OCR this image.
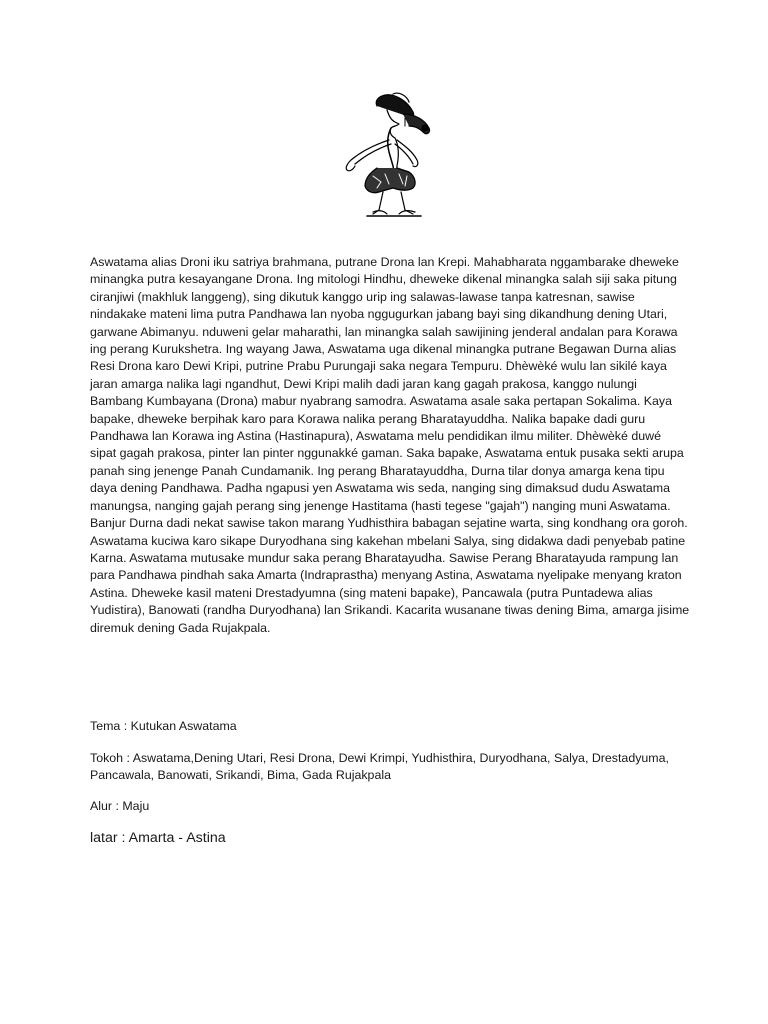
Aswatama alias Droni iku satriya brahmana, putrane Drona lan Krepi. Mahabharata nggambarake dheweke minangka putra kesayangane Drona. Ing mitologi Hindhu, dheweke dikenal minangka salah siji saka pitung ciranjiwi (makhluk langgeng), sing dikutuk kanggo urip ing salawas-lawase tanpa katresnan, sawise nindakake mateni lima putra Pandhawa lan nyoba nggugurkan jabang bayi sing dikandhung dening Utari, garwane Abimanyu. nduweni gelar maharathi, lan minangka salah sawijining jenderal andalan para Korawa ing perang Kurukshetra. Ing wayang Jawa, Aswatama uga dikenal minangka putrane Begawan Durna alias Resi Drona karo Dewi Kripi, putrine Prabu Purungaji saka negara Tempuru. Dhèwèké wulu lan sikilé kaya jaran amarga nalika lagi ngandhut, Dewi Kripi malih dadi jaran kang gagah prakosa, kanggo nulungi Bambang Kumbayana (Drona) mabur nyabrang samodra. Aswatama asale saka pertapan Sokalima. Kaya bapake, dheweke berpihak karo para Korawa nalika perang Bharatayuddha. Nalika bapake dadi guru Pandhawa lan Korawa ing Astina (Hastinapura), Aswatama melu pendidikan ilmu militer. Dhèwèké duwé sipat gagah prakosa, pinter lan pinter nggunakké gaman. Saka bapake, Aswatama entuk pusaka sekti arupa panah sing jenenge Panah Cundamanik. Ing perang Bharatayuddha, Durna tilar donya amarga kena tipu daya dening Pandhawa. Padha ngapusi yen Aswatama wis seda, nanging sing dimaksud dudu Aswatama manungsa, nanging gajah perang sing jenenge Hastitama (hasti tegese "gajah") nanging muni Aswatama. Banjur Durna dadi nekat sawise takon marang Yudhisthira babagan sejatine warta, sing kondhang ora goroh. Aswatama kuciwa karo sikape Duryodhana sing kakehan mbelani Salya, sing didakwa dadi penyebab patine Karna. Aswatama mutusake mundur saka perang Bharatayudha. Sawise Perang Bharatayuda rampung lan para Pandhawa pindhah saka Amarta (Indraprastha) menyang Astina, Aswatama nyelipake menyang kraton Astina. Dheweke kasil mateni Drestadyumna (sing mateni bapake), Pancawala (putra Puntadewa alias Yudistira), Banowati (randha Duryodhana) lan Srikandi. Kacarita wusanane tiwas dening Bima, amarga jisime diremuk dening Gada Rujakpala.

Tema : Kutukan Aswatama

Tokoh : Aswatama,Dening Utari, Resi Drona, Dewi Krimpi, Yudhisthira, Duryodhana, Salya, Drestadyuma, Pancawala, Banowati, Srikandi, Bima, Gada Rujakpala

Alur : Maju

latar : Amarta - Astina
